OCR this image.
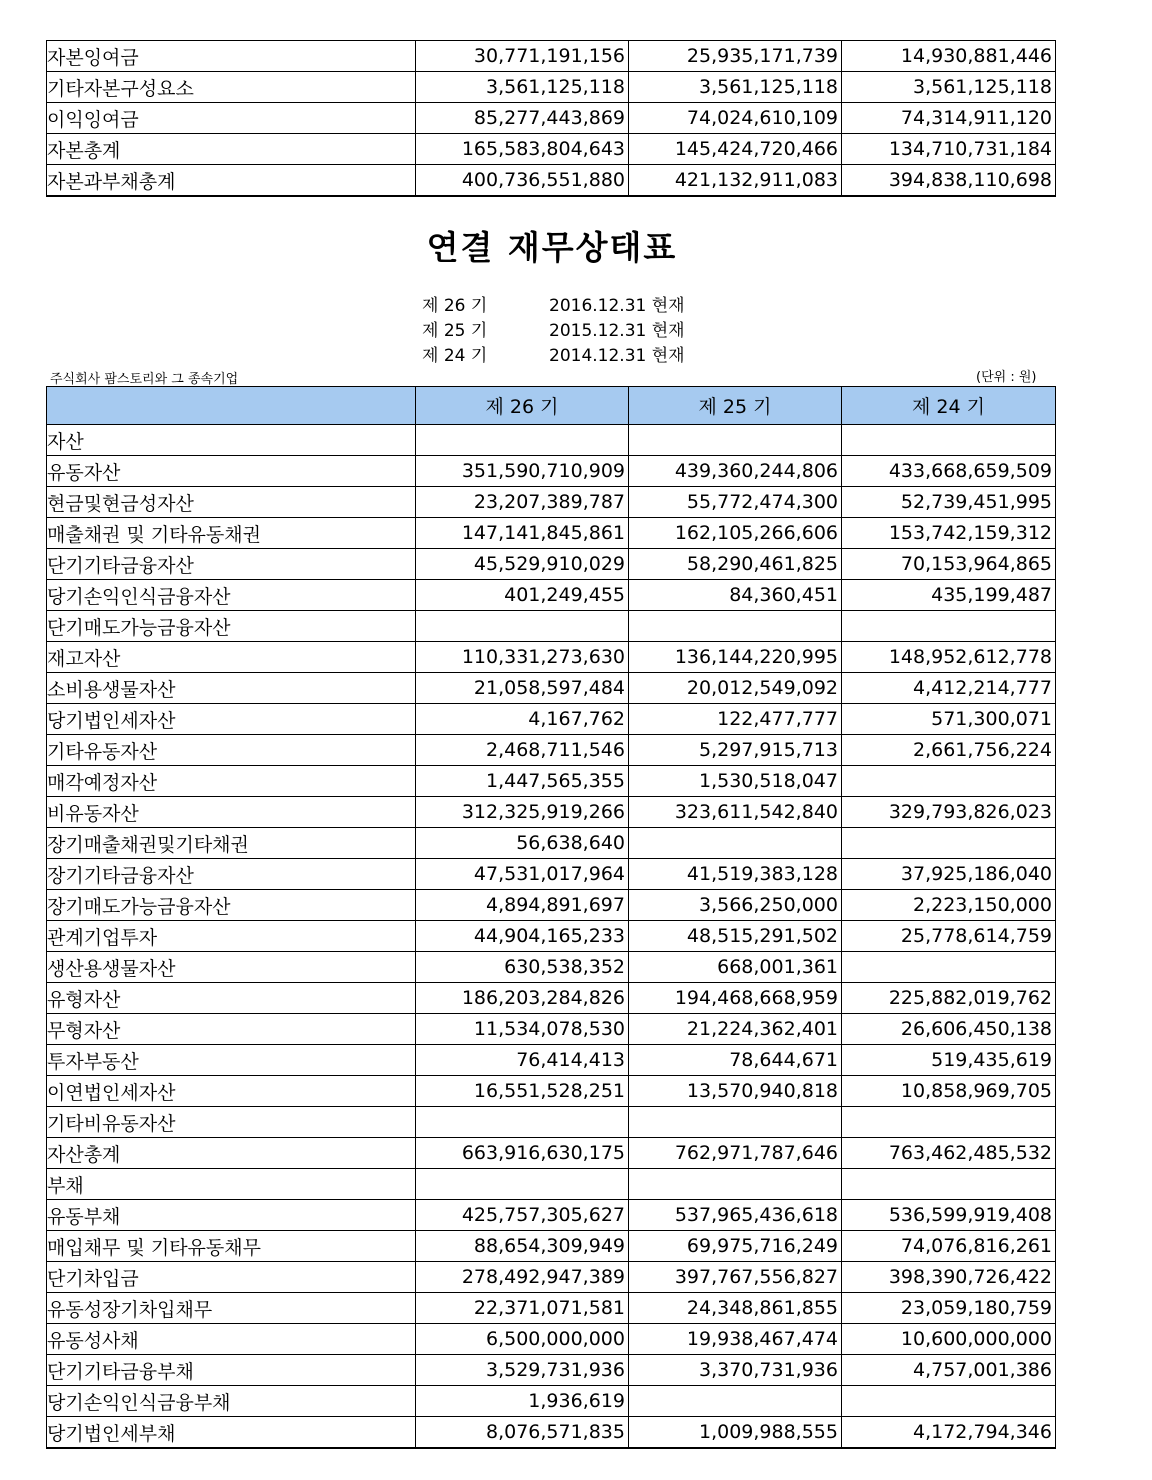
자본잉여금	30,771,191,156	25,935,171,739	14,930,881,446
기타자본구성요소	3,561,125,118	3,561,125,118	3,561,125,118
이익잉여금	85,277,443,869	74,024,610,109	74,314,911,120
자본총계	165,583,804,643	145,424,720,466	134,710,731,184
자본과부채총계	400,736,551,880	421,132,911,083	394,838,110,698
연결 재무상태표
제 26 기	2016.12.31 현재
제 25 기	2015.12.31 현재
제 24 기	2014.12.31 현재
주식회사 팜스토리와 그 종속기업	(단위 : 원)
	제 26 기	제 25 기	제 24 기
자산			
유동자산	351,590,710,909	439,360,244,806	433,668,659,509
현금및현금성자산	23,207,389,787	55,772,474,300	52,739,451,995
매출채권 및 기타유동채권	147,141,845,861	162,105,266,606	153,742,159,312
단기기타금융자산	45,529,910,029	58,290,461,825	70,153,964,865
당기손익인식금융자산	401,249,455	84,360,451	435,199,487
단기매도가능금융자산			
재고자산	110,331,273,630	136,144,220,995	148,952,612,778
소비용생물자산	21,058,597,484	20,012,549,092	4,412,214,777
당기법인세자산	4,167,762	122,477,777	571,300,071
기타유동자산	2,468,711,546	5,297,915,713	2,661,756,224
매각예정자산	1,447,565,355	1,530,518,047	
비유동자산	312,325,919,266	323,611,542,840	329,793,826,023
장기매출채권및기타채권	56,638,640		
장기기타금융자산	47,531,017,964	41,519,383,128	37,925,186,040
장기매도가능금융자산	4,894,891,697	3,566,250,000	2,223,150,000
관계기업투자	44,904,165,233	48,515,291,502	25,778,614,759
생산용생물자산	630,538,352	668,001,361	
유형자산	186,203,284,826	194,468,668,959	225,882,019,762
무형자산	11,534,078,530	21,224,362,401	26,606,450,138
투자부동산	76,414,413	78,644,671	519,435,619
이연법인세자산	16,551,528,251	13,570,940,818	10,858,969,705
기타비유동자산			
자산총계	663,916,630,175	762,971,787,646	763,462,485,532
부채			
유동부채	425,757,305,627	537,965,436,618	536,599,919,408
매입채무 및 기타유동채무	88,654,309,949	69,975,716,249	74,076,816,261
단기차입금	278,492,947,389	397,767,556,827	398,390,726,422
유동성장기차입채무	22,371,071,581	24,348,861,855	23,059,180,759
유동성사채	6,500,000,000	19,938,467,474	10,600,000,000
단기기타금융부채	3,529,731,936	3,370,731,936	4,757,001,386
당기손익인식금융부채	1,936,619		
당기법인세부채	8,076,571,835	1,009,988,555	4,172,794,346
